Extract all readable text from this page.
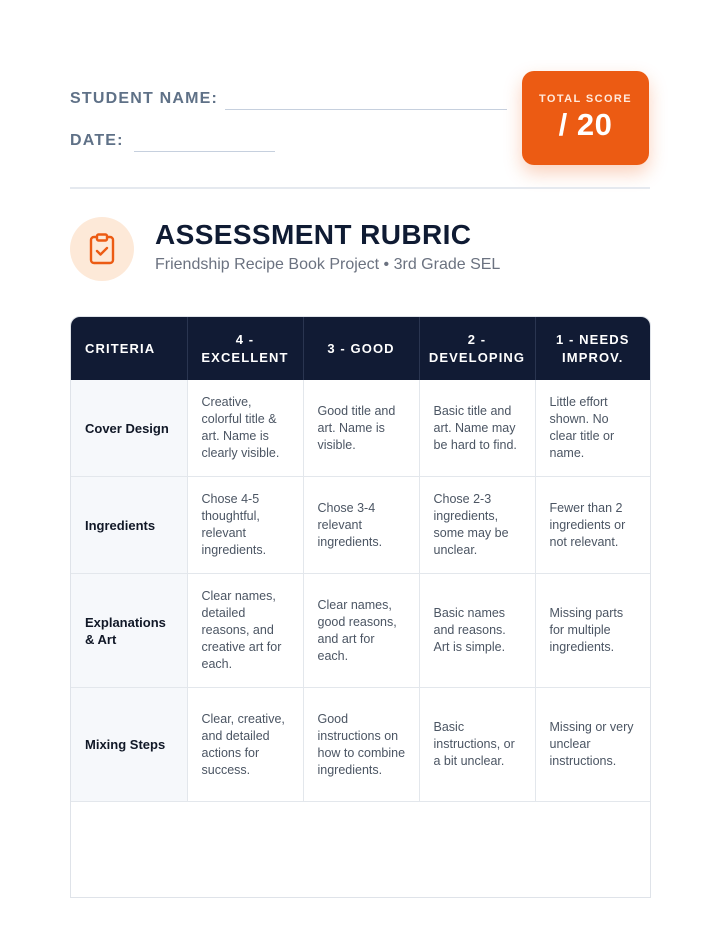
STUDENT NAME:
DATE:
TOTAL SCORE
/ 20
ASSESSMENT RUBRIC
Friendship Recipe Book Project • 3rd Grade SEL
CRITERIA	4 - EXCELLENT	3 - GOOD	2 - DEVELOPING	1 - NEEDS IMPROV.
Cover Design	Creative, colorful title & art. Name is clearly visible.	Good title and art. Name is visible.	Basic title and art. Name may be hard to find.	Little effort shown. No clear title or name.
Ingredients	Chose 4-5 thoughtful, relevant ingredients.	Chose 3-4 relevant ingredients.	Chose 2-3 ingredients, some may be unclear.	Fewer than 2 ingredients or not relevant.
Explanations & Art	Clear names, detailed reasons, and creative art for each.	Clear names, good reasons, and art for each.	Basic names and reasons. Art is simple.	Missing parts for multiple ingredients.
Mixing Steps	Clear, creative, and detailed actions for success.	Good instructions on how to combine ingredients.	Basic instructions, or a bit unclear.	Missing or very unclear instructions.
